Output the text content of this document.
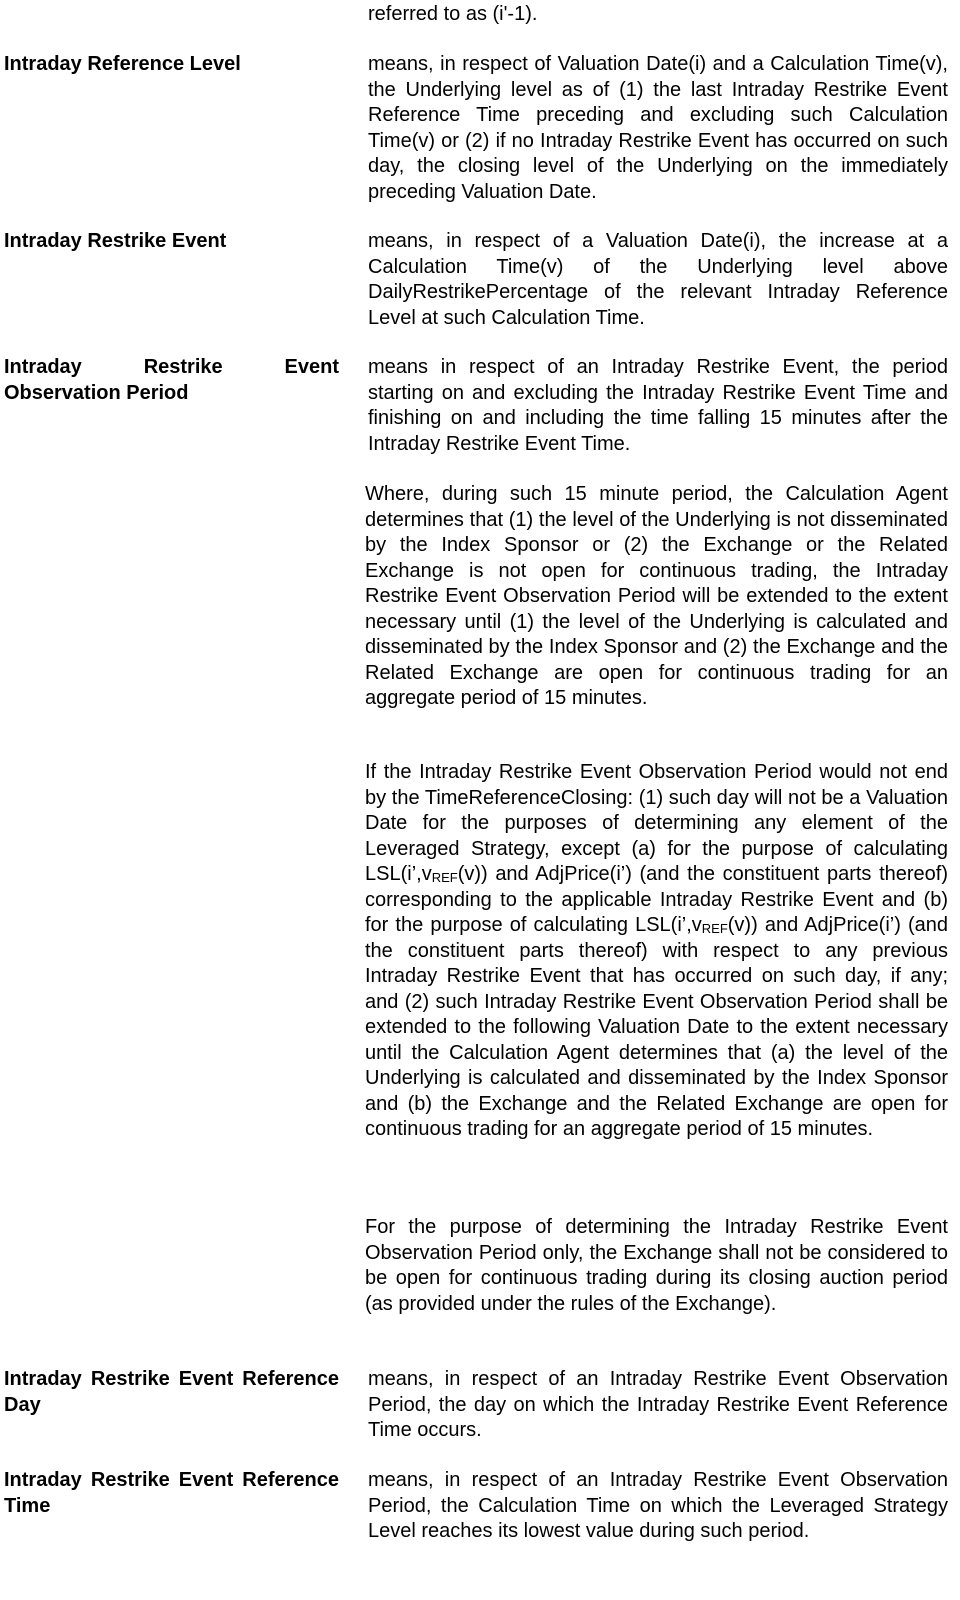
referred to as (i'-1).
Intraday Reference Level	means, in respect of Valuation Date(i) and a Calculation Time(v), the Underlying level as of (1) the last Intraday Restrike Event Reference Time preceding and excluding such Calculation Time(v) or (2) if no Intraday Restrike Event has occurred on such day, the closing level of the Underlying on the immediately preceding Valuation Date.
Intraday Restrike Event	means, in respect of a Valuation Date(i), the increase at a Calculation Time(v) of the Underlying level above DailyRestrikePercentage of the relevant Intraday Reference Level at such Calculation Time.
Intraday Restrike Event Observation Period
means in respect of an Intraday Restrike Event, the period starting on and excluding the Intraday Restrike Event Time and finishing on and including the time falling 15 minutes after the Intraday Restrike Event Time.
Where, during such 15 minute period, the Calculation Agent determines that (1) the level of the Underlying is not disseminated by the Index Sponsor or (2) the Exchange or the Related Exchange is not open for continuous trading, the Intraday Restrike Event Observation Period will be extended to the extent necessary until (1) the level of the Underlying is calculated and disseminated by the Index Sponsor and (2) the Exchange and the Related Exchange are open for continuous trading for an aggregate period of 15 minutes.
If the Intraday Restrike Event Observation Period would not end by the TimeReferenceClosing: (1) such day will not be a Valuation Date for the purposes of determining any element of the Leveraged Strategy, except (a) for the purpose of calculating $LSL(i’,v_{REF}(v))$ and AdjPrice(i’) (and the constituent parts thereof) corresponding to the applicable Intraday Restrike Event and (b) for the purpose of calculating $LSL(i’,v_{REF}(v))$ and AdjPrice(i’) (and the constituent parts thereof) with respect to any previous Intraday Restrike Event that has occurred on such day, if any; and (2) such Intraday Restrike Event Observation Period shall be extended to the following Valuation Date to the extent necessary until the Calculation Agent determines that (a) the level of the Underlying is calculated and disseminated by the Index Sponsor and (b) the Exchange and the Related Exchange are open for continuous trading for an aggregate period of 15 minutes.
For the purpose of determining the Intraday Restrike Event Observation Period only, the Exchange shall not be considered to be open for continuous trading during its closing auction period (as provided under the rules of the Exchange).
Intraday Restrike Event Reference Day
means, in respect of an Intraday Restrike Event Observation Period, the day on which the Intraday Restrike Event Reference Time occurs.
Intraday Restrike Event Reference Time
means, in respect of an Intraday Restrike Event Observation Period, the Calculation Time on which the Leveraged Strategy Level reaches its lowest value during such period.
